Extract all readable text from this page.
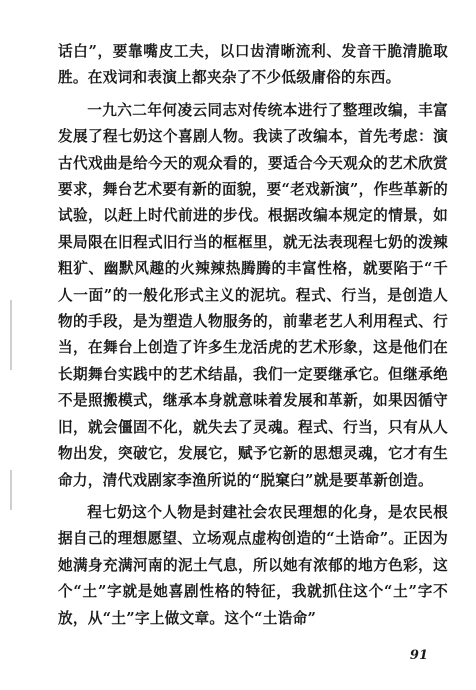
话白”，要靠嘴皮工夫，以口齿清晰流利、发音干脆清脆取胜。在戏词和表演上都夹杂了不少低级庸俗的东西。

一九六二年何凌云同志对传统本进行了整理改编，丰富发展了程七奶这个喜剧人物。我读了改编本，首先考虑：演古代戏曲是给今天的观众看的，要适合今天观众的艺术欣赏要求，舞台艺术要有新的面貌，要“老戏新演”，作些革新的试验，以赶上时代前进的步伐。根据改编本规定的情景，如果局限在旧程式旧行当的框框里，就无法表现程七奶的泼辣粗犷、幽默风趣的火辣辣热腾腾的丰富性格，就要陷于“千人一面”的一般化形式主义的泥坑。程式、行当，是创造人物的手段，是为塑造人物服务的，前辈老艺人利用程式、行当，在舞台上创造了许多生龙活虎的艺术形象，这是他们在长期舞台实践中的艺术结晶，我们一定要继承它。但继承绝不是照搬模式，继承本身就意味着发展和革新，如果因循守旧，就会僵固不化，就失去了灵魂。程式、行当，只有从人物出发，突破它，发展它，赋予它新的思想灵魂，它才有生命力，清代戏剧家李渔所说的“脱窠臼”就是要革新创造。

程七奶这个人物是封建社会农民理想的化身，是农民根据自己的理想愿望、立场观点虚构创造的“土诰命”。正因为她满身充满河南的泥土气息，所以她有浓郁的地方色彩，这个“土”字就是她喜剧性格的特征，我就抓住这个“土”字不放，从“土”字上做文章。这个“土诰命”

91
